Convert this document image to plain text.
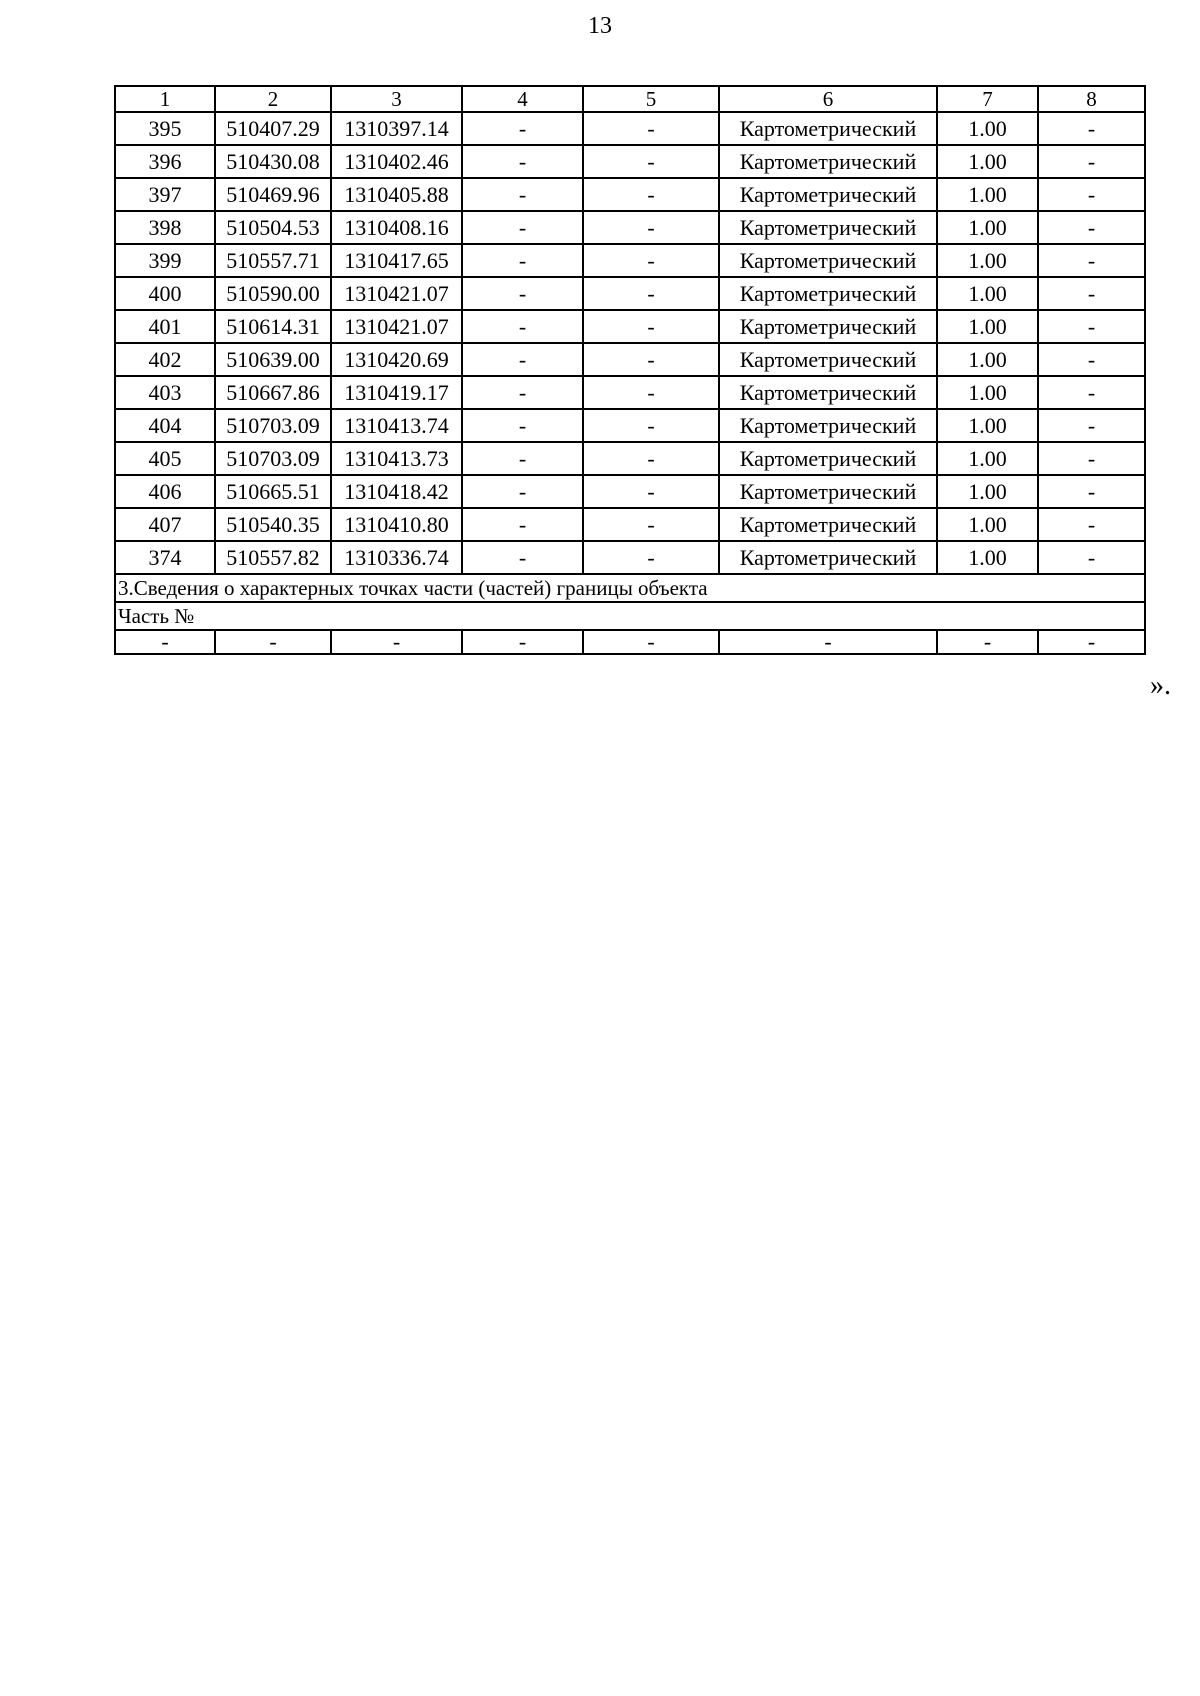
13
1	2	3	4	5	6	7	8
395	510407.29	1310397.14	-	-	Картометрический	1.00	-
396	510430.08	1310402.46	-	-	Картометрический	1.00	-
397	510469.96	1310405.88	-	-	Картометрический	1.00	-
398	510504.53	1310408.16	-	-	Картометрический	1.00	-
399	510557.71	1310417.65	-	-	Картометрический	1.00	-
400	510590.00	1310421.07	-	-	Картометрический	1.00	-
401	510614.31	1310421.07	-	-	Картометрический	1.00	-
402	510639.00	1310420.69	-	-	Картометрический	1.00	-
403	510667.86	1310419.17	-	-	Картометрический	1.00	-
404	510703.09	1310413.74	-	-	Картометрический	1.00	-
405	510703.09	1310413.73	-	-	Картометрический	1.00	-
406	510665.51	1310418.42	-	-	Картометрический	1.00	-
407	510540.35	1310410.80	-	-	Картометрический	1.00	-
374	510557.82	1310336.74	-	-	Картометрический	1.00	-
3.Сведения о характерных точках части (частей) границы объекта							
Часть №							
-	-	-	-	-	-	-	-
».
